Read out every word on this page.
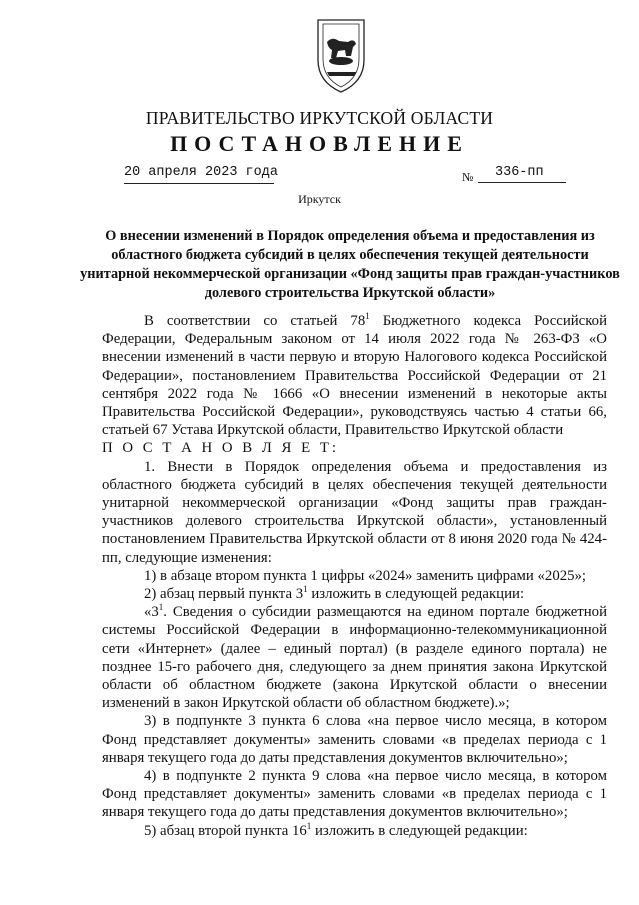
ПРАВИТЕЛЬСТВО ИРКУТСКОЙ ОБЛАСТИ
ПОСТАНОВЛЕНИЕ
20 апреля 2023 года	№ 336-пп
Иркутск
О внесении изменений в Порядок определения объема и предоставления из областного бюджета субсидий в целях обеспечения текущей деятельности унитарной некоммерческой организации «Фонд защиты прав граждан-участников долевого строительства Иркутской области»

В соответствии со статьей $78^1$ Бюджетного кодекса Российской Федерации, Федеральным законом от 14 июля 2022 года № 263-ФЗ «О внесении изменений в части первую и вторую Налогового кодекса Российской Федерации», постановлением Правительства Российской Федерации от 21 сентября 2022 года № 1666 «О внесении изменений в некоторые акты Правительства Российской Федерации», руководствуясь частью 4 статьи 66, статьей 67 Устава Иркутской области, Правительство Иркутской области

П О С Т А Н О В Л Я Е Т:

1. Внести в Порядок определения объема и предоставления из областного бюджета субсидий в целях обеспечения текущей деятельности унитарной некоммерческой организации «Фонд защиты прав граждан-участников долевого строительства Иркутской области», установленный постановлением Правительства Иркутской области от 8 июня 2020 года № 424-пп, следующие изменения:

1) в абзаце втором пункта 1 цифры «2024» заменить цифрами «2025»;

2) абзац первый пункта $3^1$ изложить в следующей редакции:

«$3^1$. Сведения о субсидии размещаются на едином портале бюджетной системы Российской Федерации в информационно-телекоммуникационной сети «Интернет» (далее – единый портал) (в разделе единого портала) не позднее 15-го рабочего дня, следующего за днем принятия закона Иркутской области об областном бюджете (закона Иркутской области о внесении изменений в закон Иркутской области об областном бюджете).»;

3) в подпункте 3 пункта 6 слова «на первое число месяца, в котором Фонд представляет документы» заменить словами «в пределах периода с 1 января текущего года до даты представления документов включительно»;

4) в подпункте 2 пункта 9 слова «на первое число месяца, в котором Фонд представляет документы» заменить словами «в пределах периода с 1 января текущего года до даты представления документов включительно»;

5) абзац второй пункта $16^1$ изложить в следующей редакции:
